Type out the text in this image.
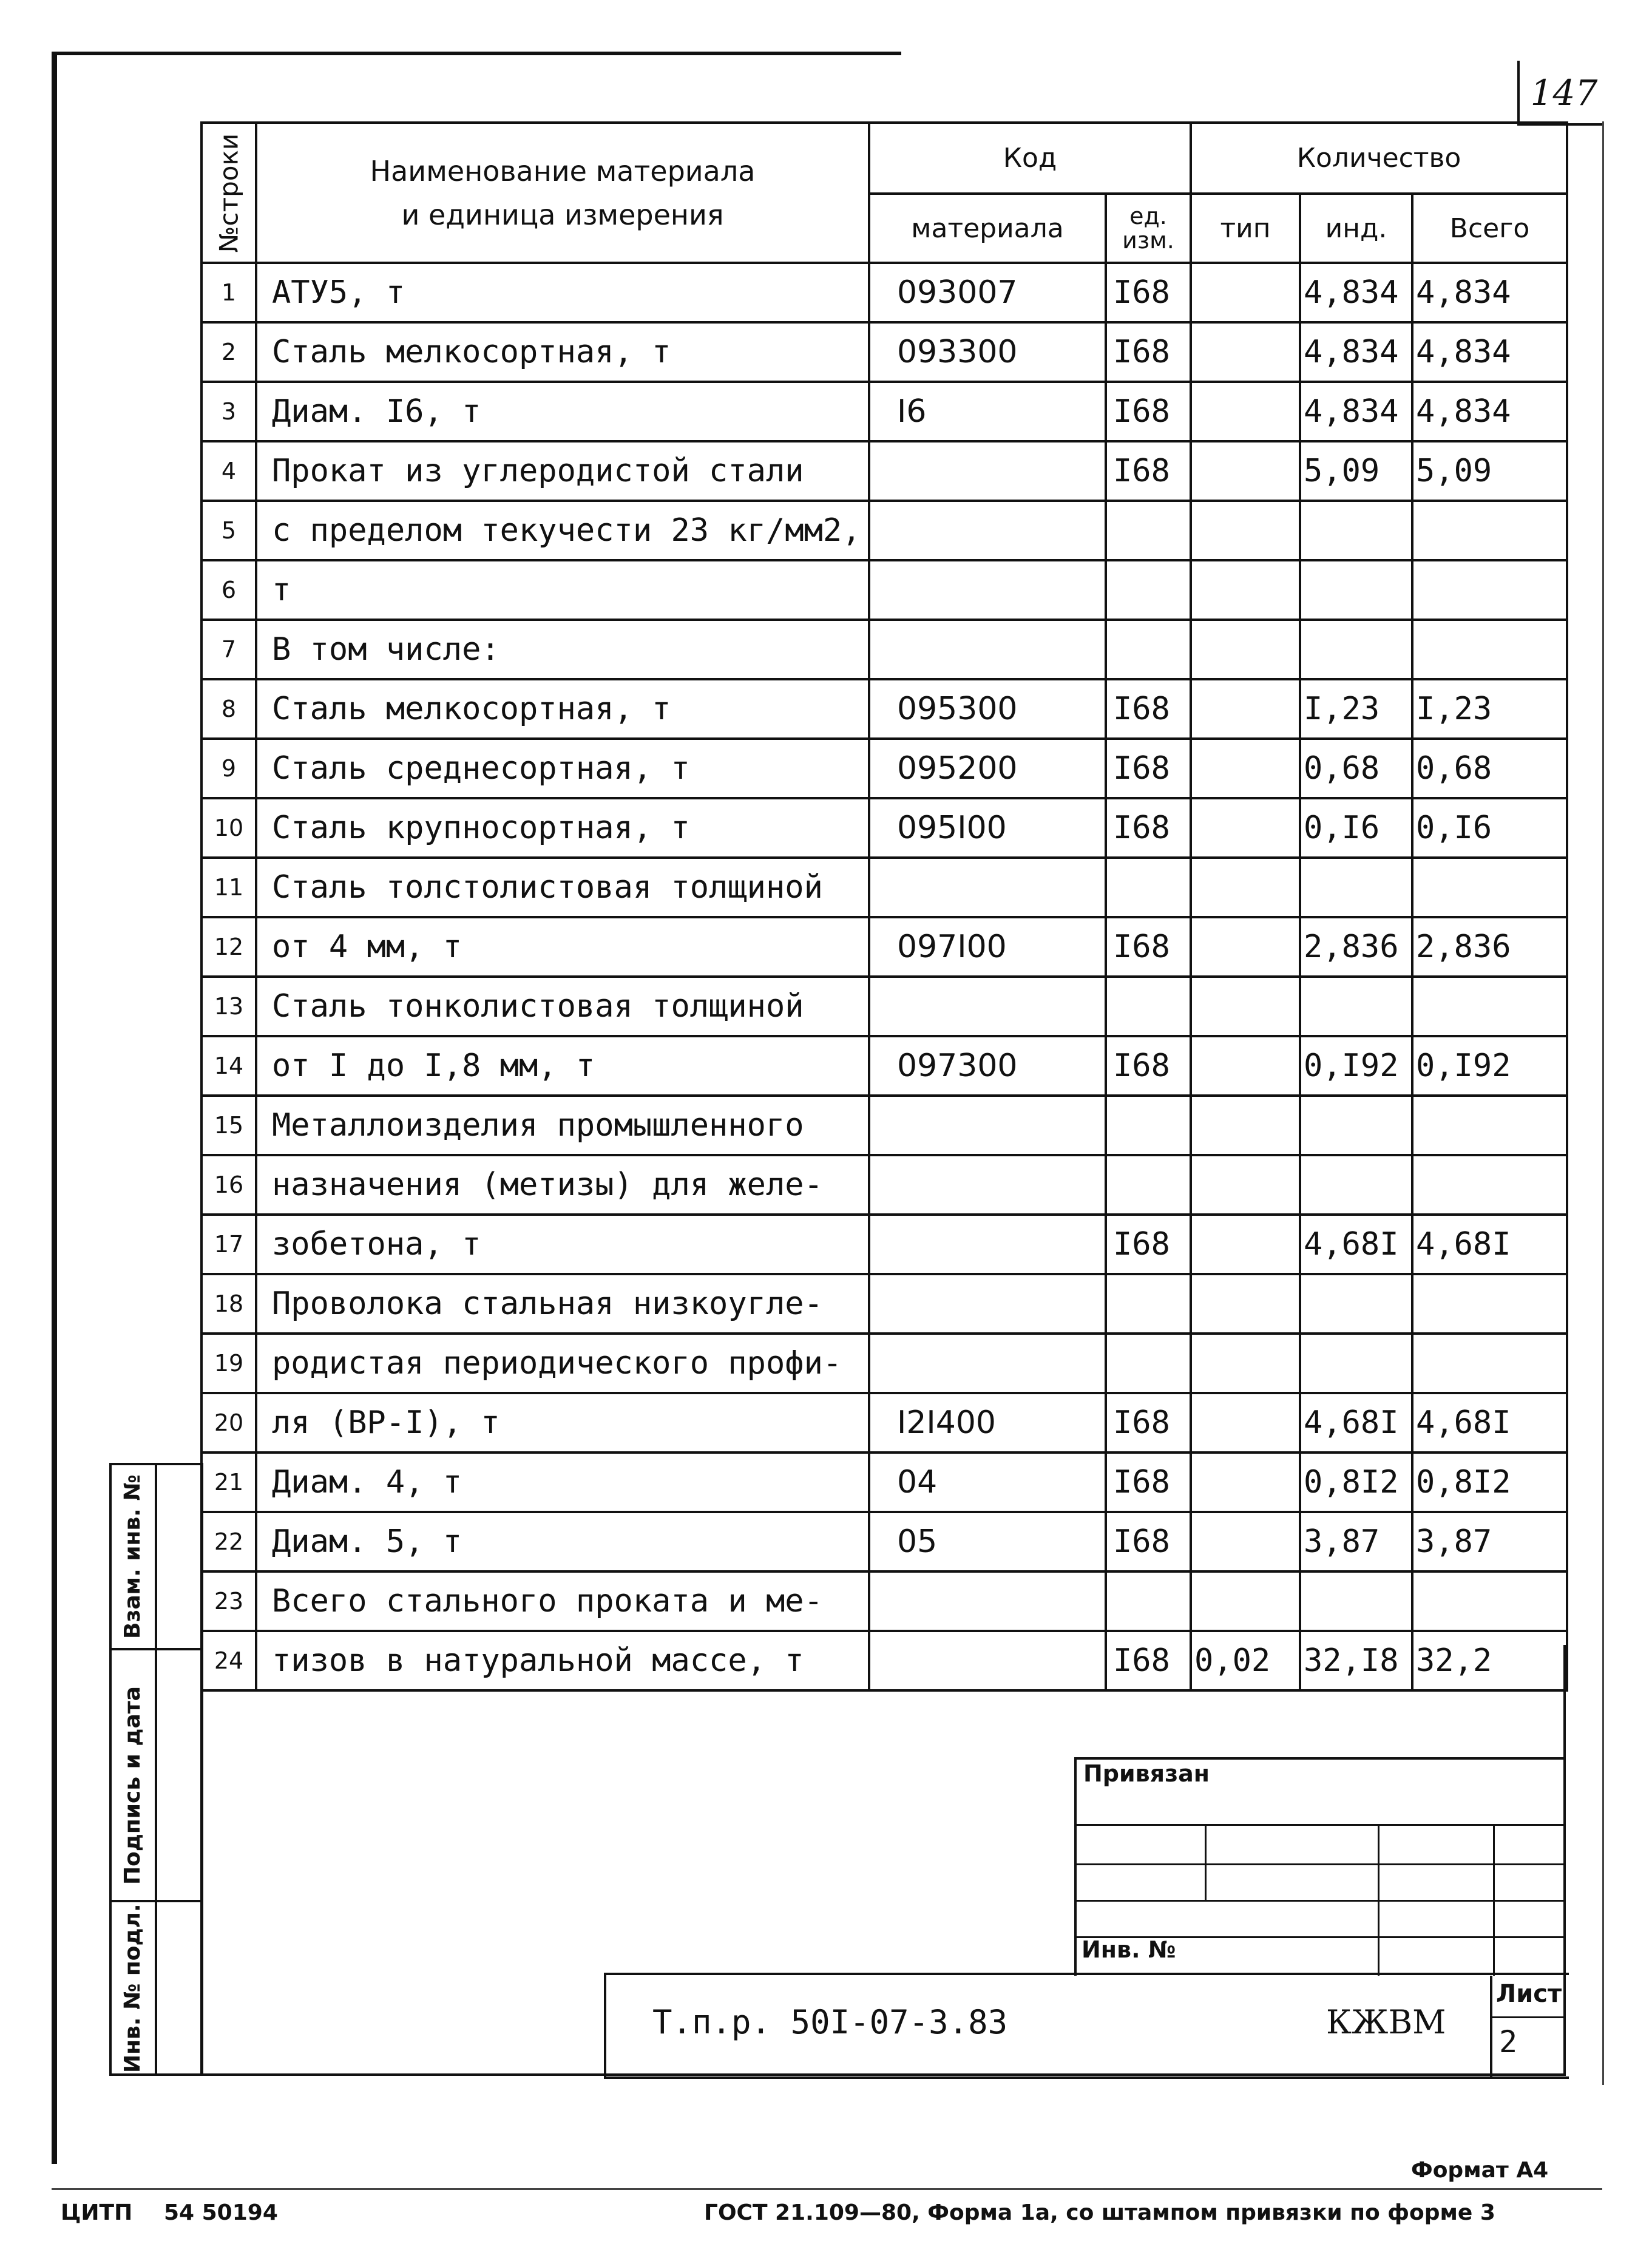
147
№строки	Наименование материала
и единица измерения	Код		Количество		
		материала	ед. изм.	тип	инд.	Всего
1	АТУ5, т	093007	I68		4,834	4,834
2	Сталь мелкосортная, т	093300	I68		4,834	4,834
3	Диам. I6, т	I6	I68		4,834	4,834
4	Прокат из углеродистой стали		I68		5,09	5,09
5	с пределом текучести 23 кг/мм2,					
6	т					
7	В том числе:					
8	Сталь мелкосортная, т	095300	I68		I,23	I,23
9	Сталь среднесортная, т	095200	I68		0,68	0,68
10	Сталь крупносортная, т	095I00	I68		0,I6	0,I6
11	Сталь толстолистовая толщиной					
12	от 4 мм, т	097I00	I68		2,836	2,836
13	Сталь тонколистовая толщиной					
14	от I до I,8 мм, т	097300	I68		0,I92	0,I92
15	Металлоизделия промышленного					
16	назначения (метизы) для желе-					
17	зобетона, т		I68		4,68I	4,68I
18	Проволока стальная низкоугле-					
19	родистая периодического профи-					
20	ля (ВР-I), т	I2I400	I68		4,68I	4,68I
21	Диам. 4, т	04	I68		0,8I2	0,8I2
22	Диам. 5, т	05	I68		3,87	3,87
23	Всего стального проката и ме-					
24	тизов в натуральной массе, т		I68	0,02	32,I8	32,2
Взам. инв. №
Подпись и дата
Инв. № подл.
Привязан
Инв. №
Т.п.р. 50I-07-3.83	КЖВМ
Лист
2
Формат А4
ЦИТП 54 50194	ГОСТ 21.109—80, Форма 1а, со штампом привязки по форме 3
